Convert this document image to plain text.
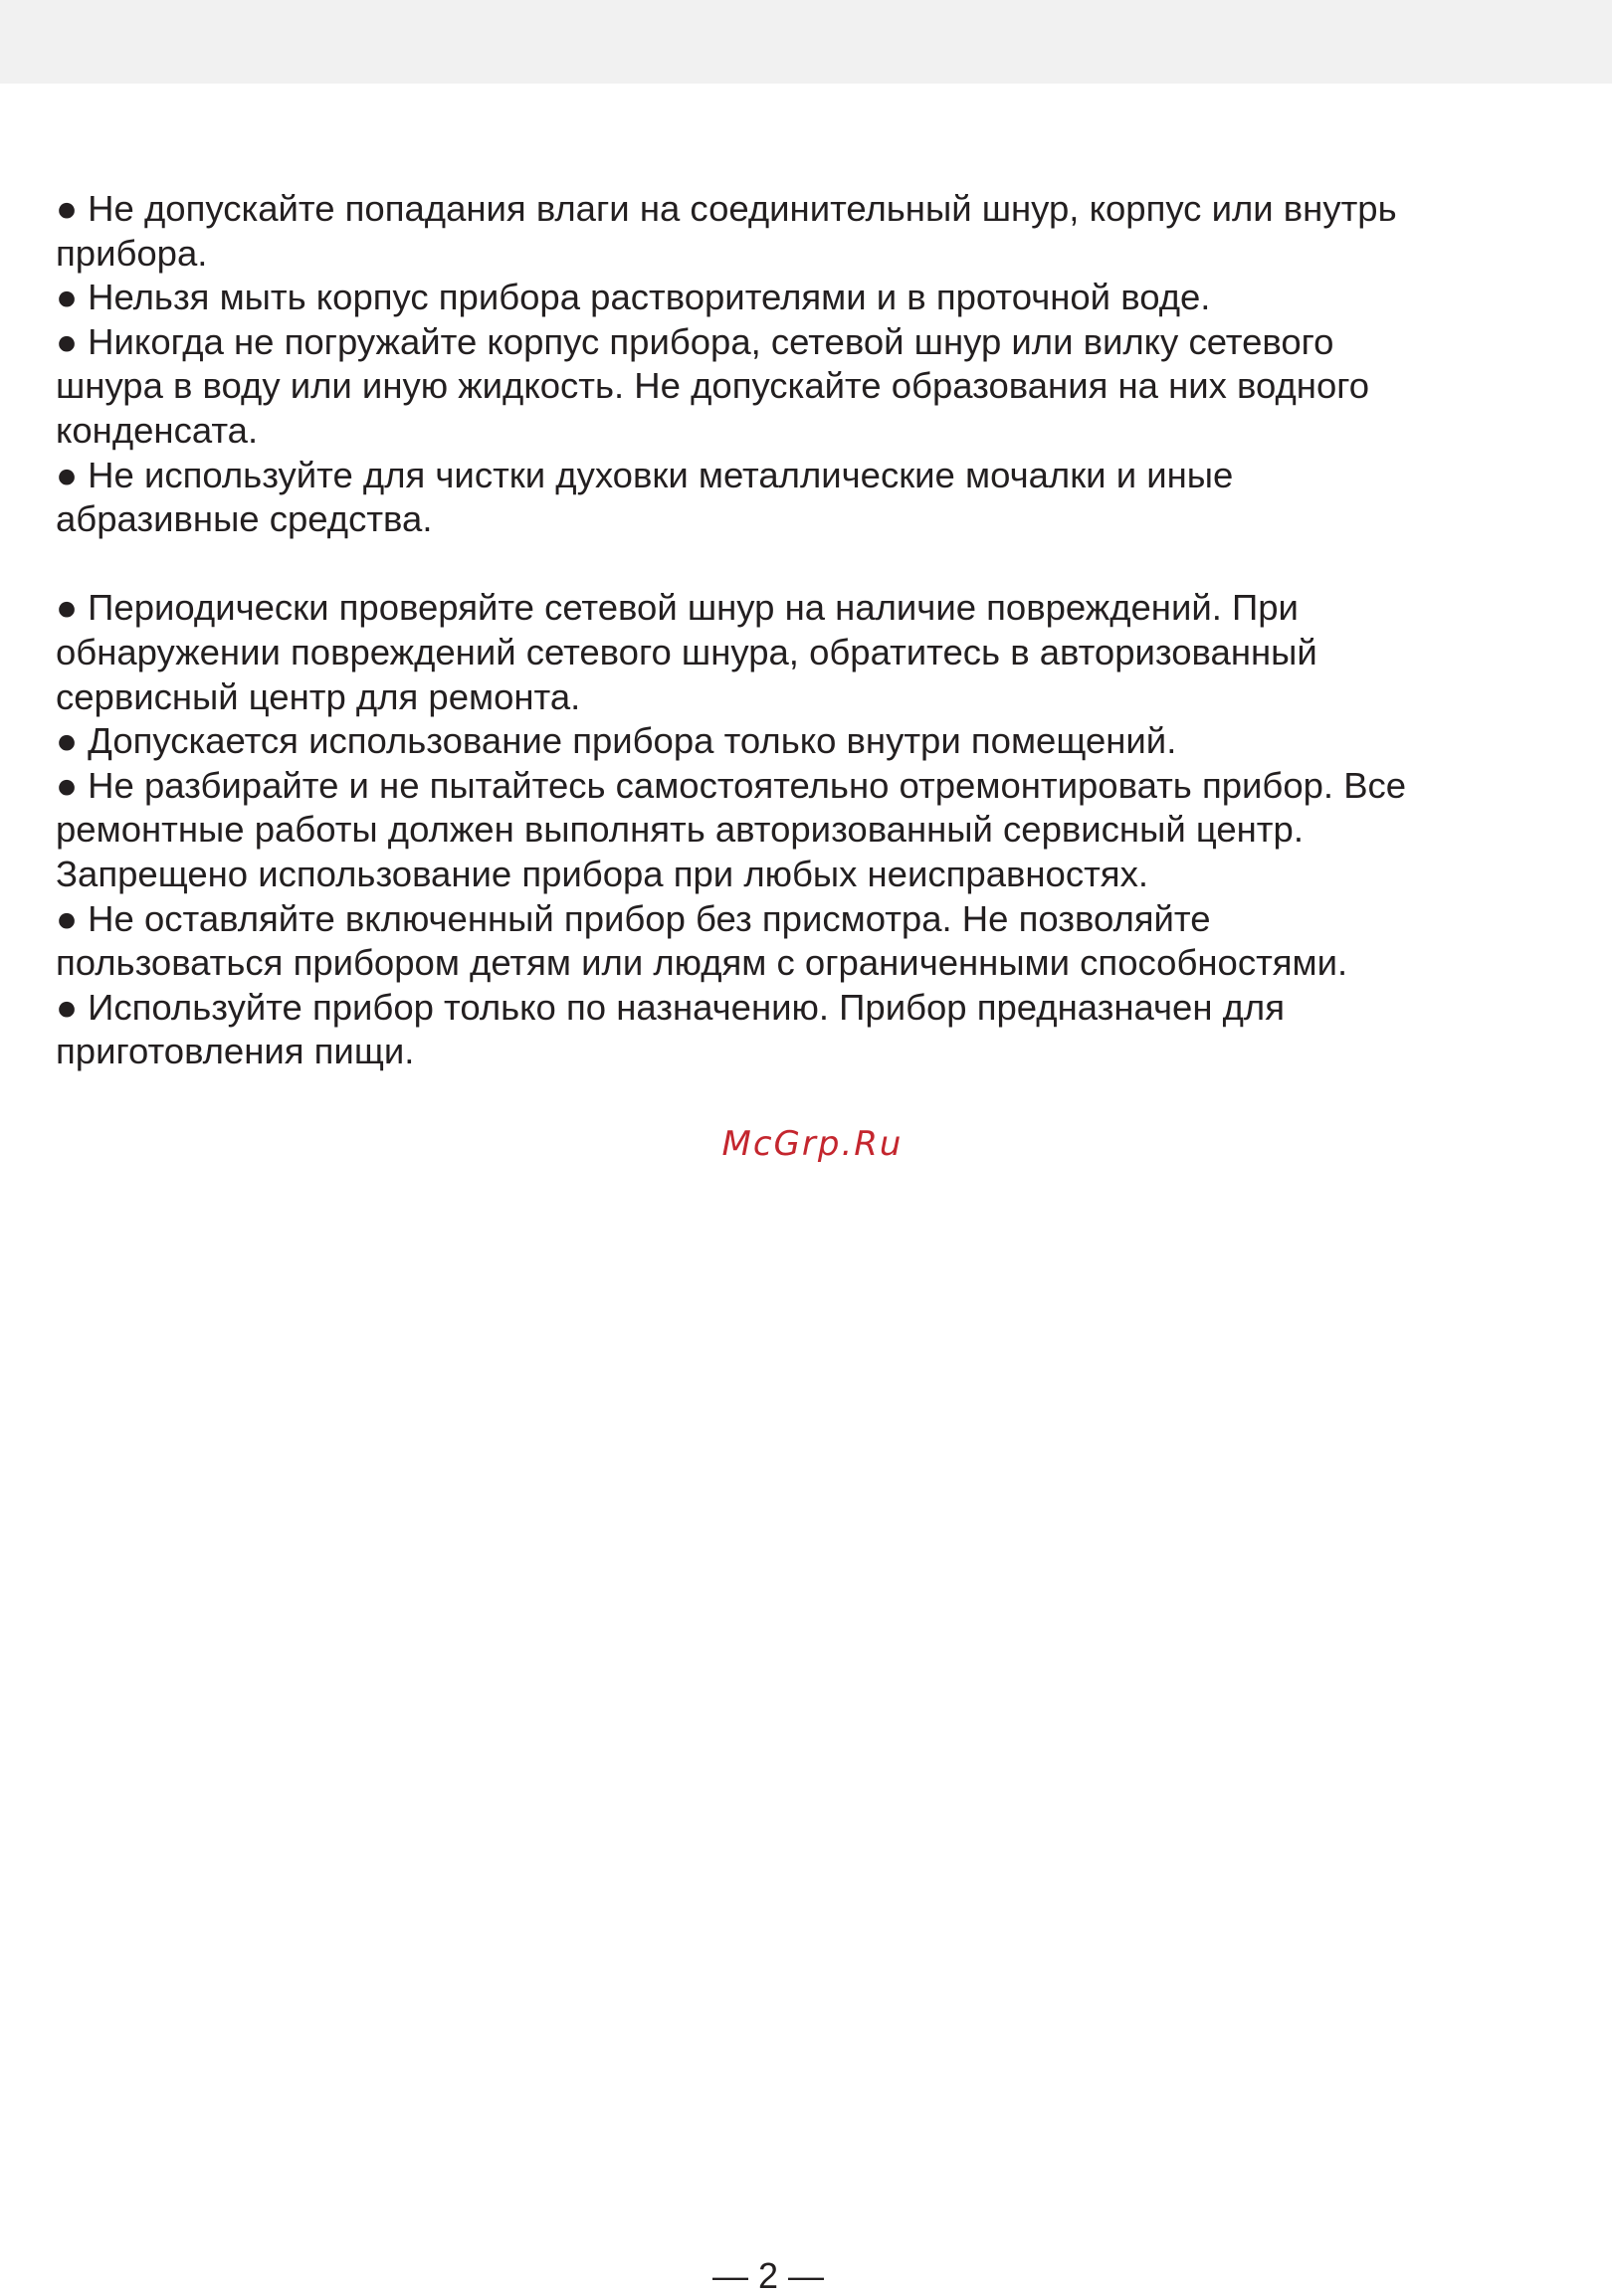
● Не допускайте попадания влаги на соединительный шнур, корпус или внутрь
прибора.

● Нельзя мыть корпус прибора растворителями и в проточной воде.

● Никогда не погружайте корпус прибора, сетевой шнур или вилку сетевого
шнура в воду или иную жидкость. Не допускайте образования на них водного
конденсата.

● Не используйте для чистки духовки металлические мочалки и иные
абразивные средства.

● Периодически проверяйте сетевой шнур на наличие повреждений. При
обнаружении повреждений сетевого шнура, обратитесь в авторизованный
сервисный центр для ремонта.

● Допускается использование прибора только внутри помещений.

● Не разбирайте и не пытайтесь самостоятельно отремонтировать прибор. Все
ремонтные работы должен выполнять авторизованный сервисный центр.
Запрещено использование прибора при любых неисправностях.

● Не оставляйте включенный прибор без присмотра. Не позволяйте
пользоваться прибором детям или людям с ограниченными способностями.

● Используйте прибор только по назначению. Прибор предназначен для
приготовления пищи.

McGrp.Ru
— 2 —
